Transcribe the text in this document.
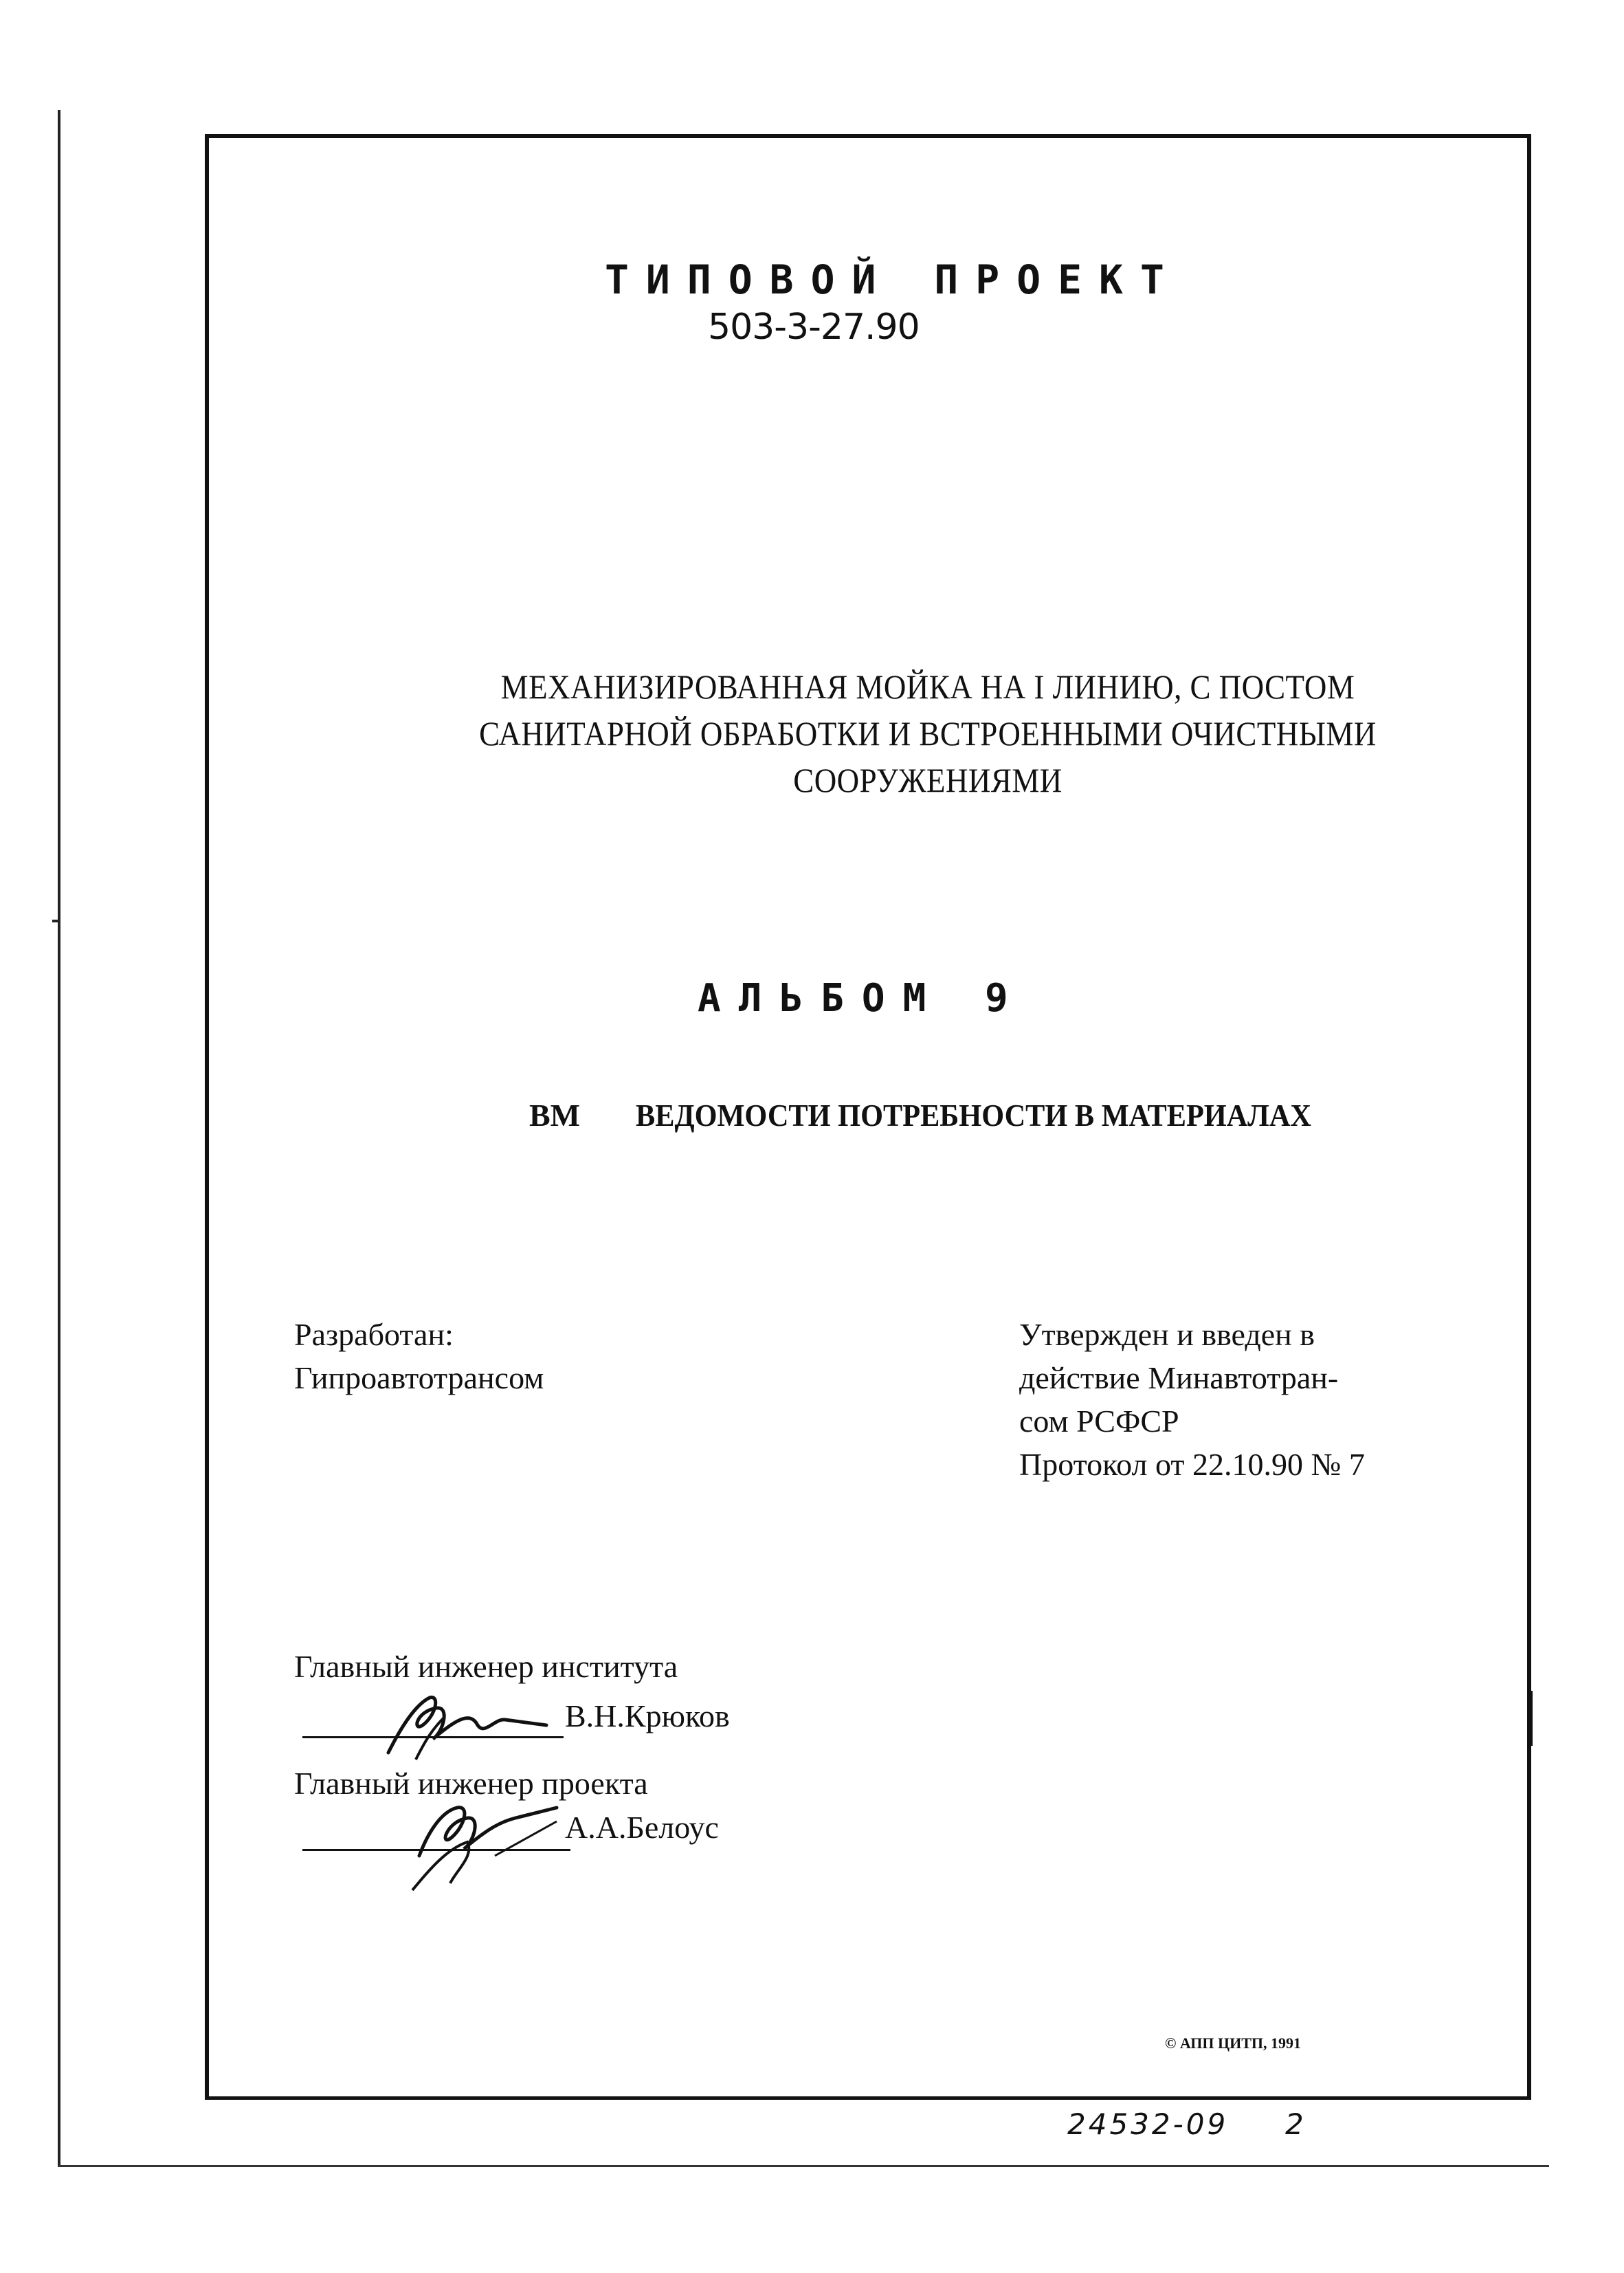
ТИПОВОЙ ПРОЕКТ
503-3-27.90
МЕХАНИЗИРОВАННАЯ МОЙКА НА I ЛИНИЮ, С ПОСТОМ
САНИТАРНОЙ ОБРАБОТКИ И ВСТРОЕННЫМИ ОЧИСТНЫМИ
СООРУЖЕНИЯМИ
АЛЬБОМ 9
ВМ ВЕДОМОСТИ ПОТРЕБНОСТИ В МАТЕРИАЛАХ
Разработан:
Гипроавтотрансом
Утвержден и введен в
действие Минавтотран-
сом РСФСР
Протокол от 22.10.90 № 7
Главный инженер института
В.Н.Крюков
Главный инженер проекта
А.А.Белоус
© АПП ЦИТП, 1991
24532-09 2
